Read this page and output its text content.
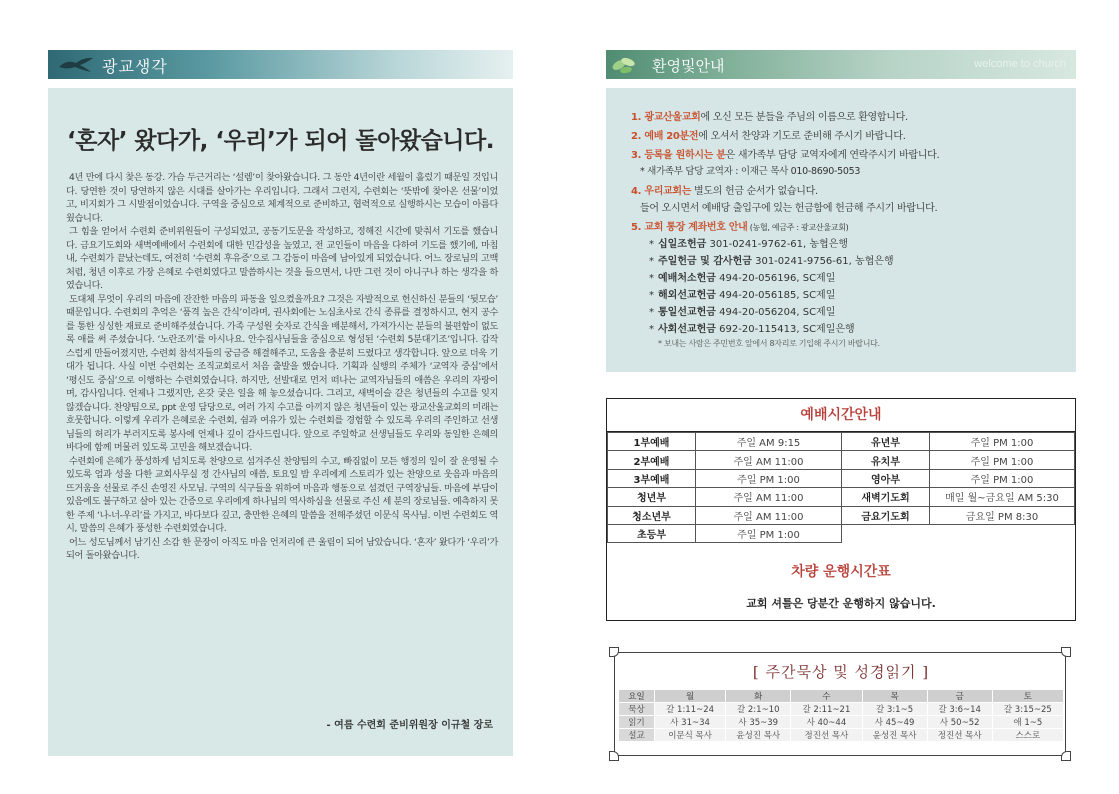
광교생각
‘혼자’ 왔다가, ‘우리’가 되어 돌아왔습니다.

4년 만에 다시 찾은 동강. 가슴 두근거리는 ‘설렘’이 찾아왔습니다. 그 동안 4년이란 세월이 흘렀기 때문일 것입니다. 당연한 것이 당연하지 않은 시대를 살아가는 우리입니다. 그래서 그런지, 수련회는 ‘뜻밖에 찾아온 선물’이었고, 비지회가 그 시발점이었습니다. 구역을 중심으로 체계적으로 준비하고, 협력적으로 실행하시는 모습이 아름다웠습니다.

그 힘을 얻어서 수련회 준비위원들이 구성되었고, 공동기도문을 작성하고, 정해진 시간에 맞춰서 기도를 했습니다. 금요기도회와 새벽예배에서 수련회에 대한 민감성을 높였고, 전 교인들이 마음을 다하여 기도를 했기에, 마침내, 수련회가 끝났는데도, 여전히 ‘수련회 후유증’으로 그 감동이 마음에 남아있게 되었습니다. 어느 장로님의 고백처럼, 청년 이후로 가장 은혜로 수련회였다고 말씀하시는 것을 들으면서, 나만 그런 것이 아니구나 하는 생각을 하였습니다.

도대체 무엇이 우리의 마음에 잔잔한 마음의 파동을 일으켰을까요? 그것은 자발적으로 헌신하신 분들의 ‘뒷모습’ 때문입니다. 수련회의 추억은 ‘품격 높은 간식’이라며, 권사회에는 노심초사로 간식 종류를 결정하시고, 현지 공수를 통한 싱싱한 재료로 준비해주셨습니다. 가족 구성원 숫자로 간식을 배분해서, 가져가시는 분들의 불편함이 없도록 애를 써 주셨습니다. ‘노란조끼’를 아시나요. 안수집사님들을 중심으로 형성된 ‘수련회 5분대기조’입니다. 갑작스럽게 만들어졌지만, 수련회 참석자들의 궁금증 해결해주고, 도움을 충분히 드렸다고 생각합니다. 앞으로 더욱 기대가 됩니다. 사실 이번 수련회는 조직교회로서 처음 출발을 했습니다. 기획과 실행의 주체가 ‘교역자 중심’에서 ‘평신도 중심’으로 이행하는 수련회였습니다. 하지만, 선발대로 먼저 떠나는 교역자님들의 애씀은 우리의 자랑이며, 감사입니다. 언제나 그랬지만, 온갖 궂은 일을 해 놓으셨습니다. 그리고, 새벽이슬 같은 청년들의 수고를 잊지 않겠습니다. 찬양팀으로, ppt 운영 담당으로, 여러 가지 수고를 아끼지 않은 청년들이 있는 광교산울교회의 미래는 흐뭇합니다. 이렇게 우리가 은혜로운 수련회, 쉼과 여유가 있는 수련회를 경험할 수 있도록 우리의 주인하고 선생님들의 허리가 부러지도록 봉사에 언제나 깊이 감사드립니다. 앞으로 주일학교 선생님들도 우리와 동일한 은혜의 바다에 함께 머물러 있도록 고민을 해보겠습니다.

수련회에 은혜가 풍성하게 넘치도록 찬양으로 섬겨주신 찬양팀의 수고, 빠짐없이 모든 행정의 일이 잘 운영될 수 있도록 엄과 성을 다한 교회사무실 정 간사님의 애씀, 토요일 밤 우리에게 스토리가 있는 찬양으로 웃음과 마음의 뜨거움을 선물로 주신 손영진 사모님. 구역의 식구들을 위하여 마음과 행동으로 섬겼던 구역장님들. 마음에 부담이 있음에도 불구하고 살아 있는 간증으로 우리에게 하나님의 역사하심을 선물로 주신 세 분의 장로님들. 예측하지 못한 주제 ‘나-너-우리’를 가지고, 바다보다 깊고, 충만한 은혜의 말씀을 전해주셨던 이문식 목사님. 이번 수련회도 역시, 말씀의 은혜가 풍성한 수련회였습니다.

어느 성도님께서 남기신 소감 한 문장이 아직도 마음 언저리에 큰 울림이 되어 남았습니다. ‘혼자’ 왔다가 ‘우리’가 되어 돌아왔습니다.

- 여름 수련회 준비위원장 이규철 장로
환영및안내	welcome to church
1. 광교산울교회에 오신 모든 분들을 주님의 이름으로 환영합니다.
2. 예배 20분전에 오셔서 찬양과 기도로 준비해 주시기 바랍니다.
3. 등록을 원하시는 분은 새가족부 담당 교역자에게 연락주시기 바랍니다.
* 새가족부 담당 교역자 : 이재근 목사 010-8690-5053
4. 우리교회는 별도의 헌금 순서가 없습니다.
들어 오시면서 예배당 출입구에 있는 헌금함에 헌금해 주시기 바랍니다.
5. 교회 통장 계좌번호 안내 (농협, 예금주 : 광교산울교회)
* 십일조헌금 301-0241-9762-61, 농협은행
* 주일헌금 및 감사헌금 301-0241-9756-61, 농협은행
* 예배처소헌금 494-20-056196, SC제일
* 해외선교헌금 494-20-056185, SC제일
* 통일선교헌금 494-20-056204, SC제일
* 사회선교헌금 692-20-115413, SC제일은행
* 보내는 사람은 주민번호 앞에서 8자리로 기입해 주시기 바랍니다.
예배시간안내
1부예배	주일 AM 9:15	유년부	주일 PM 1:00
2부예배	주일 AM 11:00	유치부	주일 PM 1:00
3부예배	주일 PM 1:00	영아부	주일 PM 1:00
청년부	주일 AM 11:00	새벽기도회	매일 월~금요일 AM 5:30
청소년부	주일 AM 11:00	금요기도회	금요일 PM 8:30
초등부	주일 PM 1:00		
차량 운행시간표
교회 셔틀은 당분간 운행하지 않습니다.
[ 주간묵상 및 성경읽기 ]
요일	월	화	수	목	금	토
묵상	갈 1:11~24	갈 2:1~10	갈 2:11~21	갈 3:1~5	갈 3:6~14	갈 3:15~25
읽기	사 31~34	사 35~39	사 40~44	사 45~49	사 50~52	애 1~5
설교	이문식 목사	윤성진 목사	정진선 목사	윤성진 목사	정진선 목사	스스로
